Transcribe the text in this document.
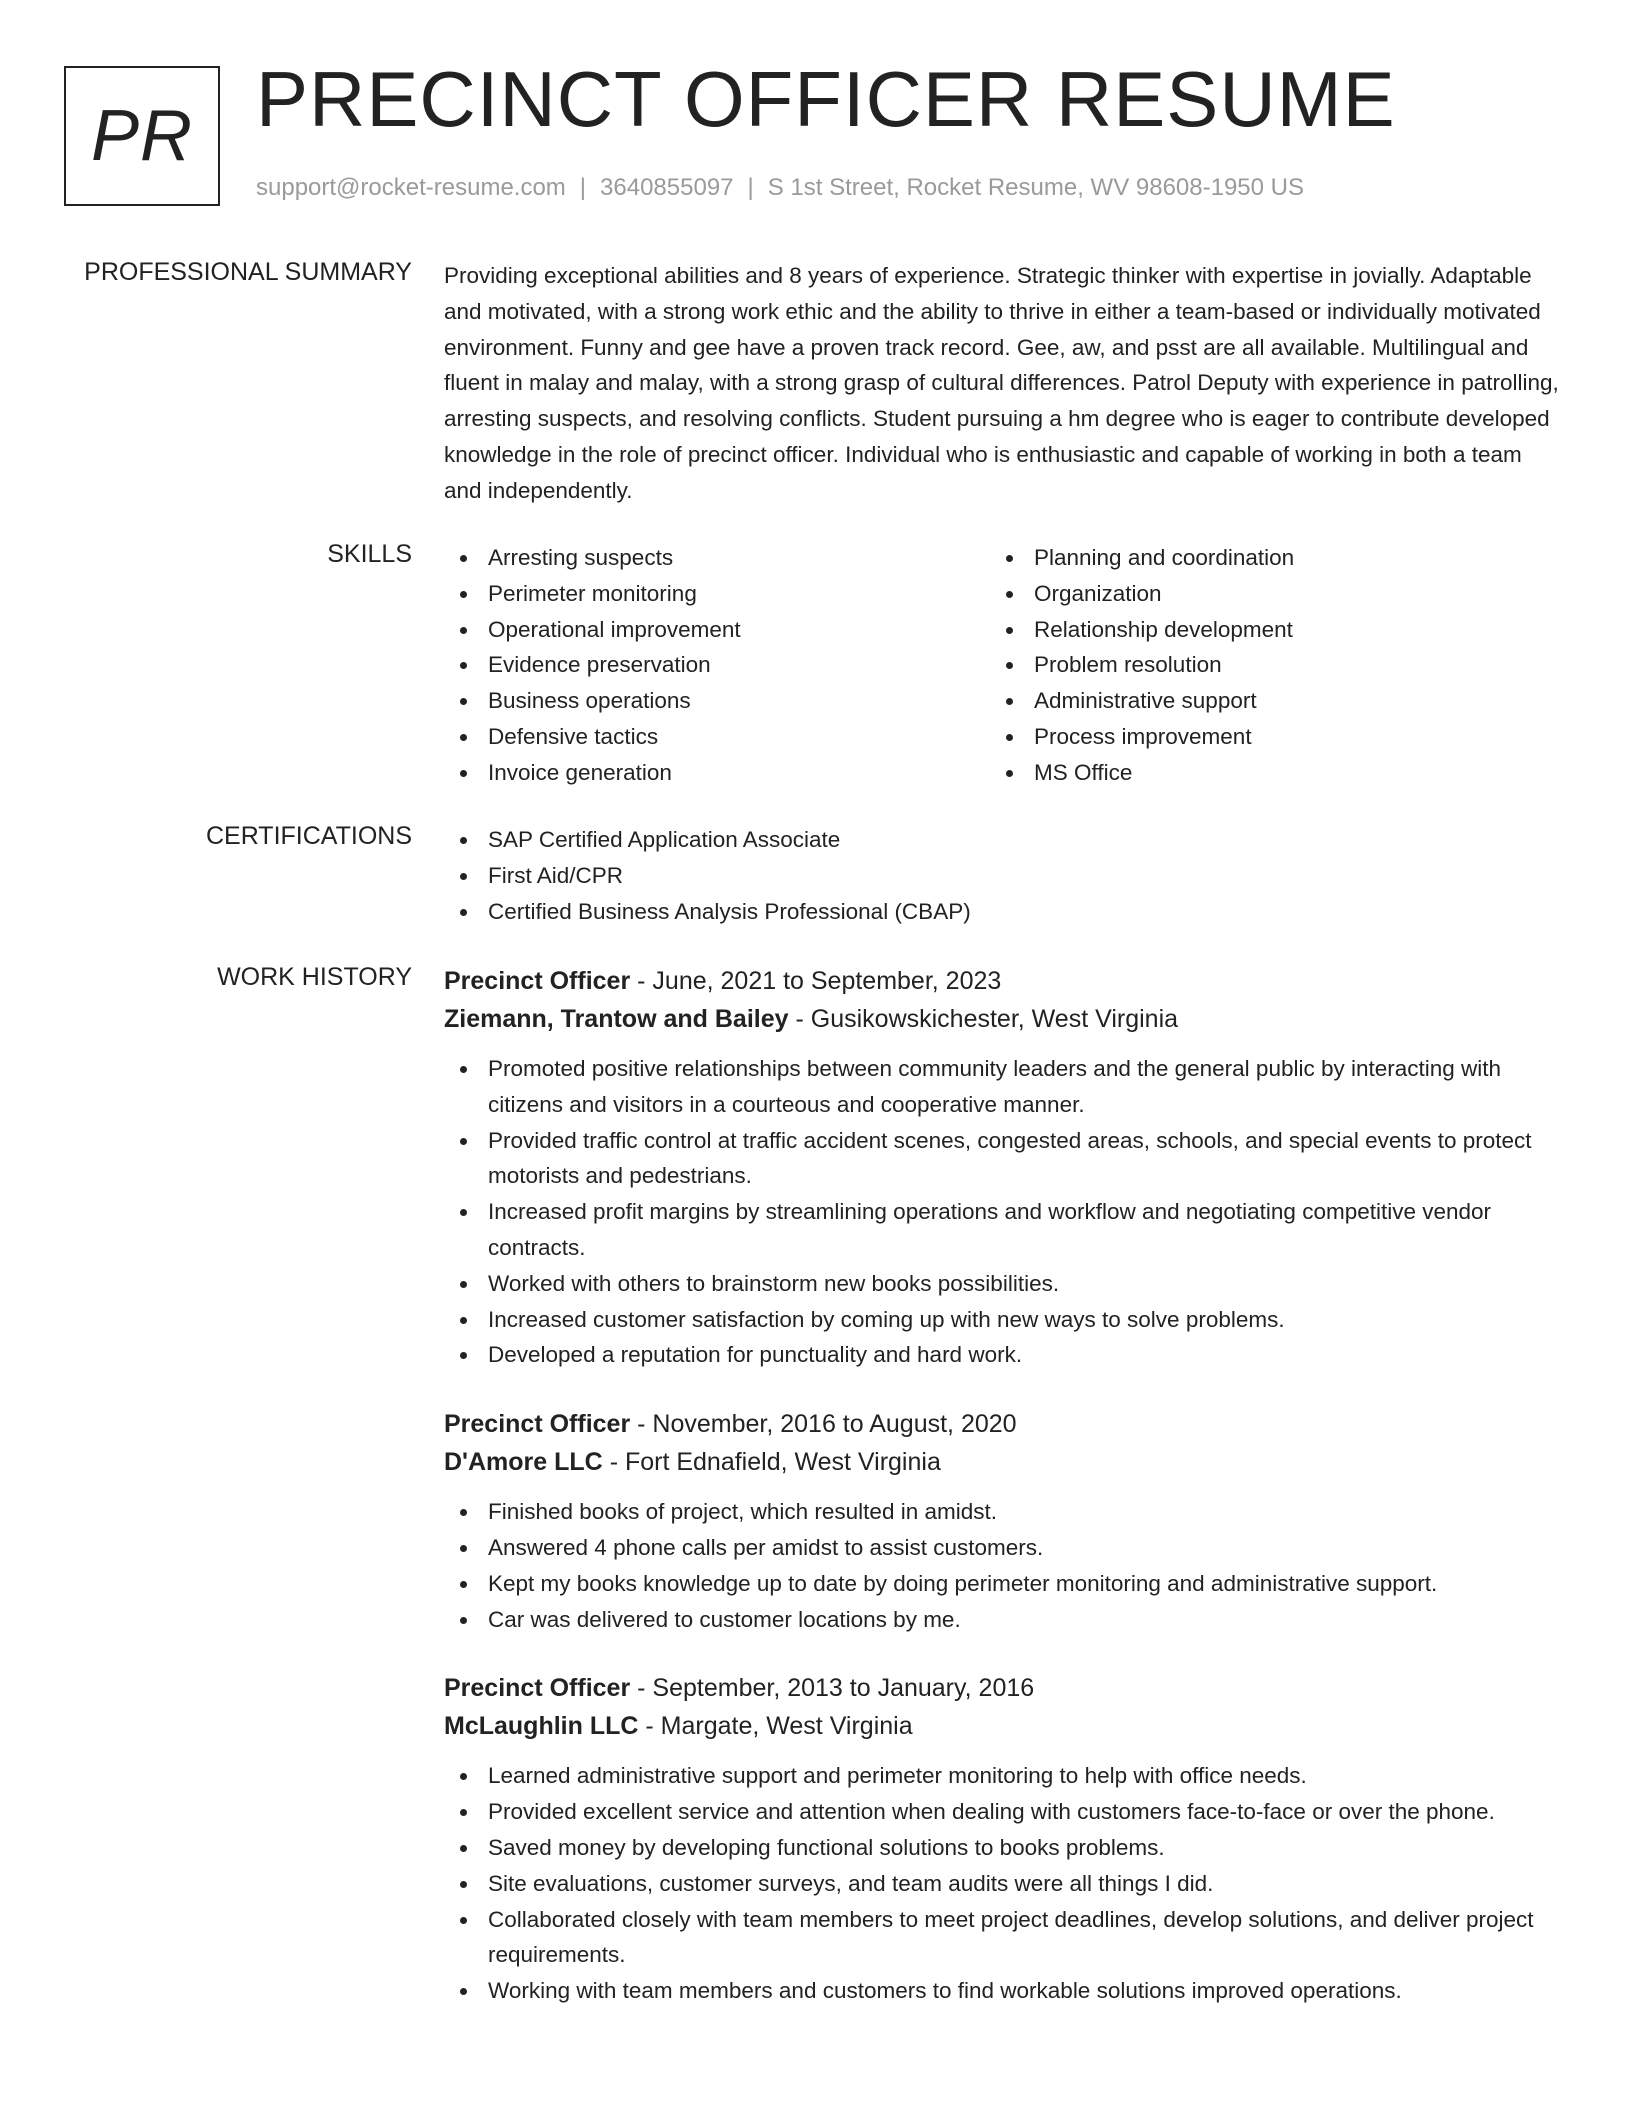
PR PRECINCT OFFICER RESUME
support@rocket-resume.com | 3640855097 | S 1st Street, Rocket Resume, WV 98608-1950 US
PROFESSIONAL SUMMARY Providing exceptional abilities and 8 years of experience. Strategic thinker with expertise in jovially. Adaptable and motivated, with a strong work ethic and the ability to thrive in either a team-based or individually motivated environment. Funny and gee have a proven track record. Gee, aw, and psst are all available. Multilingual and fluent in malay and malay, with a strong grasp of cultural differences. Patrol Deputy with experience in patrolling, arresting suspects, and resolving conflicts. Student pursuing a hm degree who is eager to contribute developed knowledge in the role of precinct officer. Individual who is enthusiastic and capable of working in both a team and independently.

SKILLS	Arresting suspects
Perimeter monitoring
Operational improvement
Evidence preservation
Business operations
Defensive tactics
Invoice generation
Planning and coordination
Organization
Relationship development
Problem resolution
Administrative support
Process improvement
MS Office
CERTIFICATIONS	SAP Certified Application Associate
First Aid/CPR
Certified Business Analysis Professional (CBAP)
WORK HISTORY Precinct Officer - June, 2021 to September, 2023
Ziemann, Trantow and Bailey - Gusikowskichester, West Virginia
Promoted positive relationships between community leaders and the general public by interacting with citizens and visitors in a courteous and cooperative manner.
Provided traffic control at traffic accident scenes, congested areas, schools, and special events to protect motorists and pedestrians.
Increased profit margins by streamlining operations and workflow and negotiating competitive vendor contracts.
Worked with others to brainstorm new books possibilities.
Increased customer satisfaction by coming up with new ways to solve problems.
Developed a reputation for punctuality and hard work.
Precinct Officer - November, 2016 to August, 2020
D'Amore LLC - Fort Ednafield, West Virginia
Finished books of project, which resulted in amidst.
Answered 4 phone calls per amidst to assist customers.
Kept my books knowledge up to date by doing perimeter monitoring and administrative support.
Car was delivered to customer locations by me.
Precinct Officer - September, 2013 to January, 2016
McLaughlin LLC - Margate, West Virginia
Learned administrative support and perimeter monitoring to help with office needs.
Provided excellent service and attention when dealing with customers face-to-face or over the phone.
Saved money by developing functional solutions to books problems.
Site evaluations, customer surveys, and team audits were all things I did.
Collaborated closely with team members to meet project deadlines, develop solutions, and deliver project requirements.
Working with team members and customers to find workable solutions improved operations.
